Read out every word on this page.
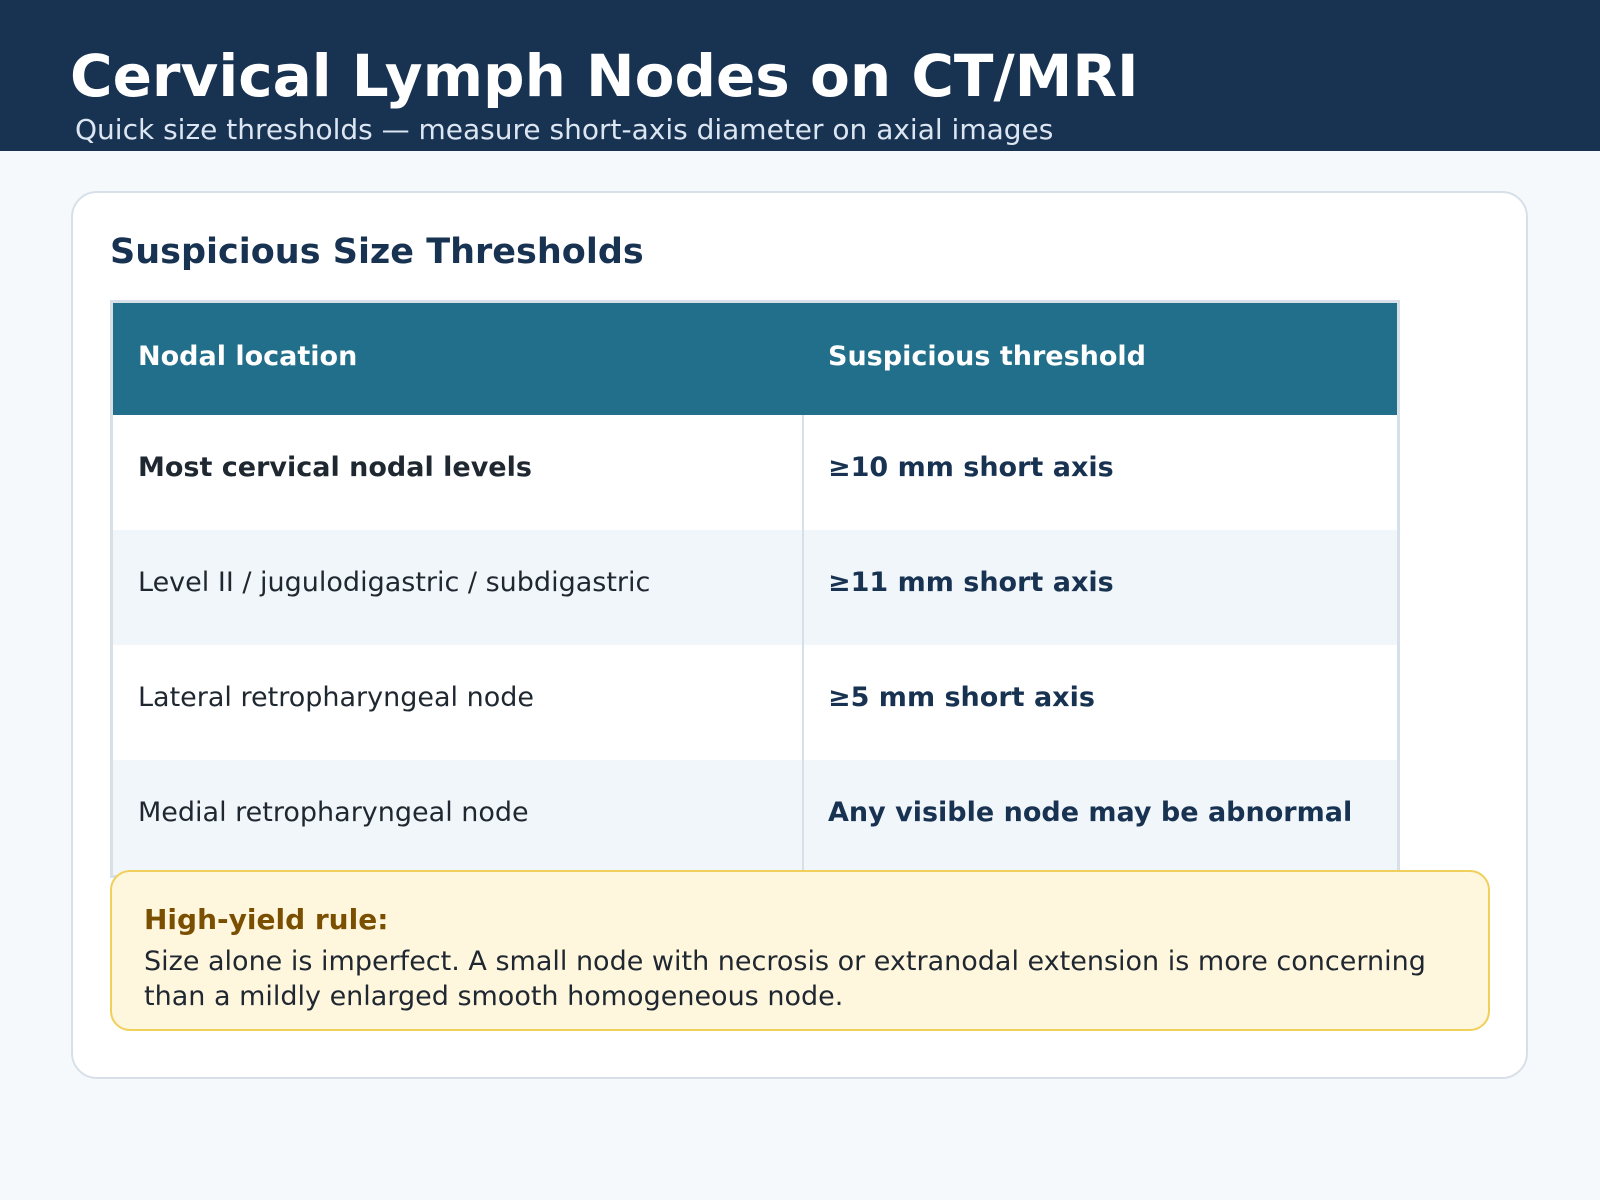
Cervical Lymph Nodes on CT/MRI
Quick size thresholds — measure short-axis diameter on axial images
Suspicious Size Thresholds
Nodal location	Suspicious threshold
Most cervical nodal levels	≥10 mm short axis
Level II / jugulodigastric / subdigastric	≥11 mm short axis
Lateral retropharyngeal node	≥5 mm short axis
Medial retropharyngeal node	Any visible node may be abnormal
High-yield rule:
Size alone is imperfect. A small node with necrosis or extranodal extension is more concerning than a mildly enlarged smooth homogeneous node.
